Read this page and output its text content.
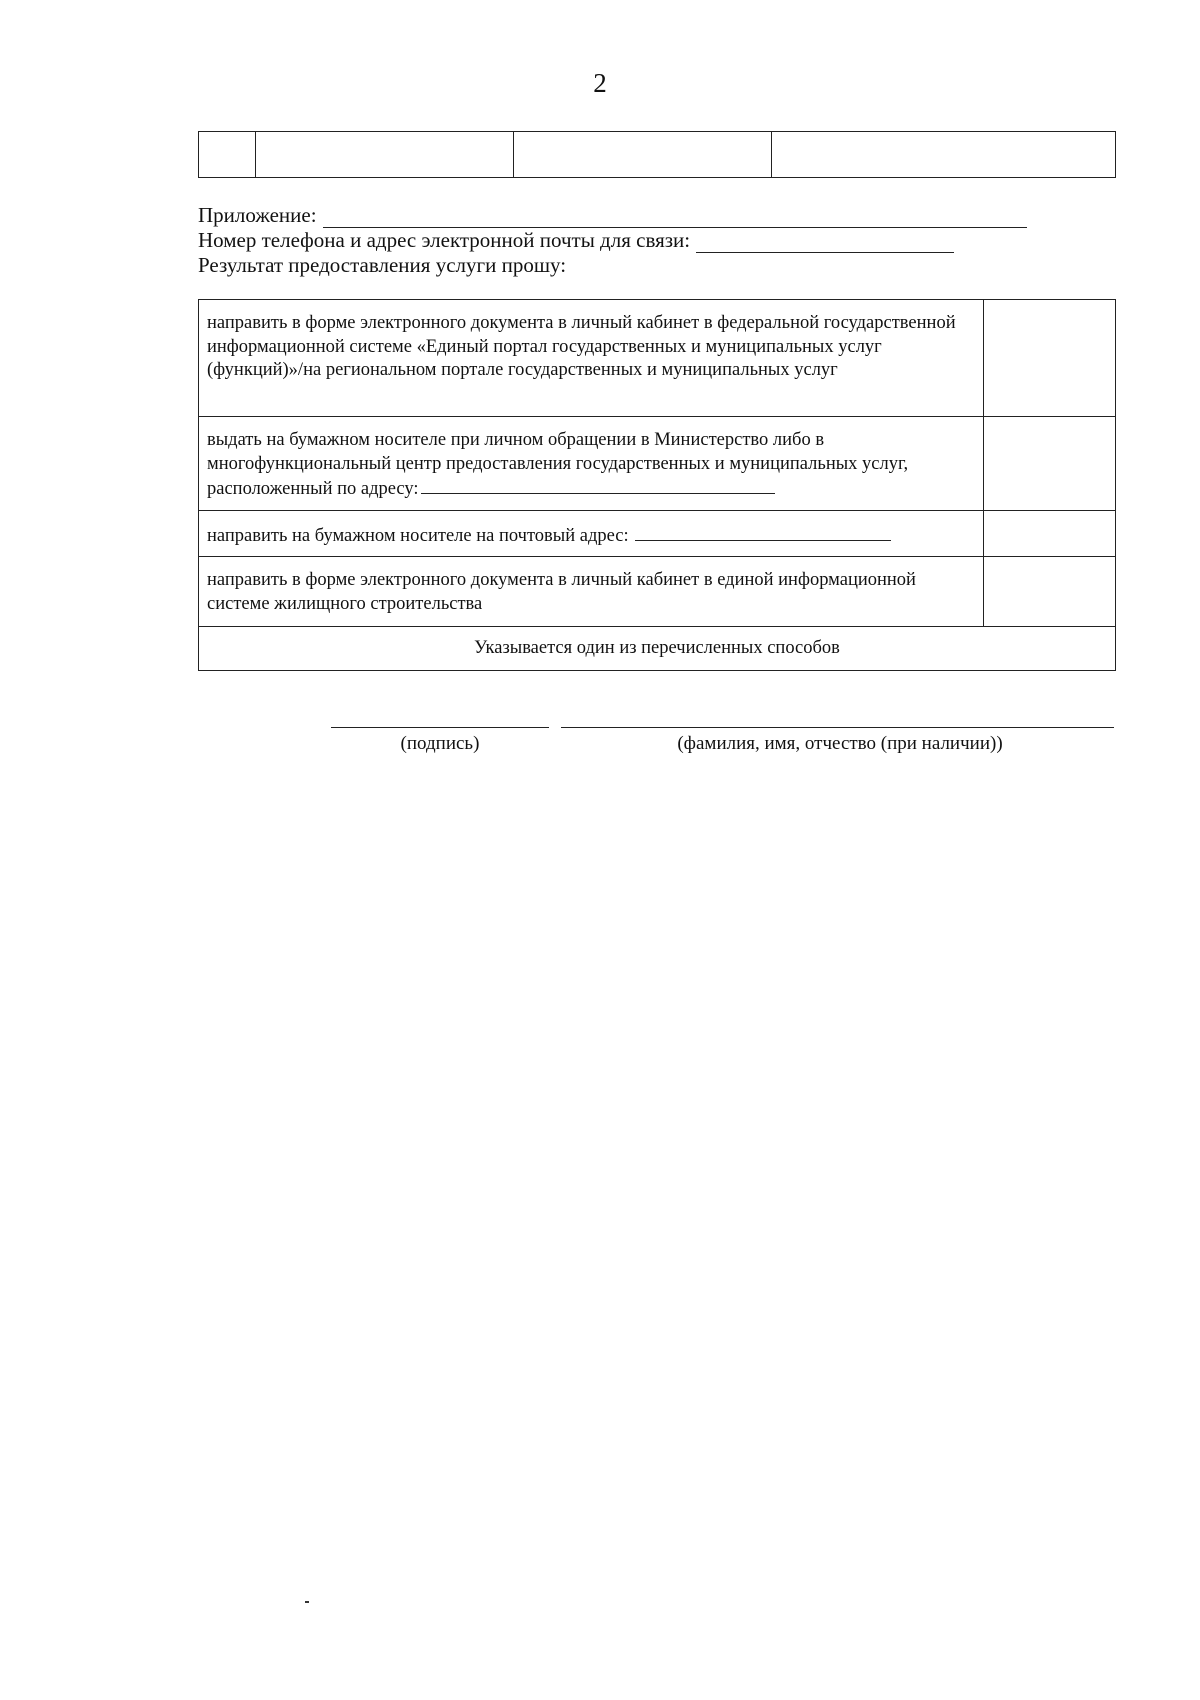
2

Приложение:
Номер телефона и адрес электронной почты для связи:
Результат предоставления услуги прошу:
направить в форме электронного документа в личный кабинет в федеральной государственной информационной системе «Единый портал государственных и муниципальных услуг (функций)»/на региональном портале государственных и муниципальных услуг	
выдать на бумажном носителе при личном обращении в Министерство либо в многофункциональный центр предоставления государственных и муниципальных услуг, расположенный по адресу:	
направить на бумажном носителе на почтовый адрес:	
направить в форме электронного документа в личный кабинет в единой информационной системе жилищного строительства	
Указывается один из перечисленных способов	
(подпись)	(фамилия, имя, отчество (при наличии))
